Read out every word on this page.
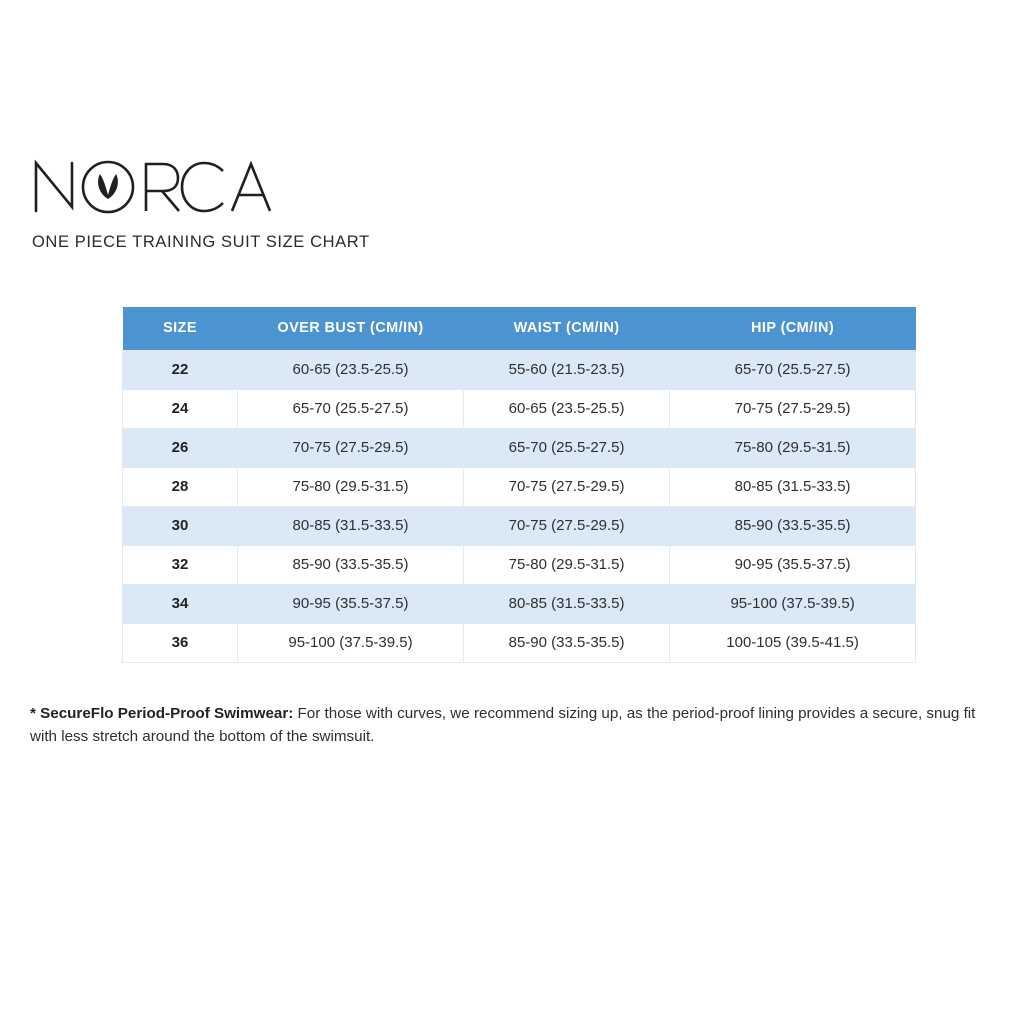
ONE PIECE TRAINING SUIT SIZE CHART
SIZE	OVER BUST (CM/IN)	WAIST (CM/IN)	HIP (CM/IN)
22	60-65 (23.5-25.5)	55-60 (21.5-23.5)	65-70 (25.5-27.5)
24	65-70 (25.5-27.5)	60-65 (23.5-25.5)	70-75 (27.5-29.5)
26	70-75 (27.5-29.5)	65-70 (25.5-27.5)	75-80 (29.5-31.5)
28	75-80 (29.5-31.5)	70-75 (27.5-29.5)	80-85 (31.5-33.5)
30	80-85 (31.5-33.5)	70-75 (27.5-29.5)	85-90 (33.5-35.5)
32	85-90 (33.5-35.5)	75-80 (29.5-31.5)	90-95 (35.5-37.5)
34	90-95 (35.5-37.5)	80-85 (31.5-33.5)	95-100 (37.5-39.5)
36	95-100 (37.5-39.5)	85-90 (33.5-35.5)	100-105 (39.5-41.5)

* SecureFlo Period-Proof Swimwear: For those with curves, we recommend sizing up, as the period-proof lining provides a secure, snug fit with less stretch around the bottom of the swimsuit.
